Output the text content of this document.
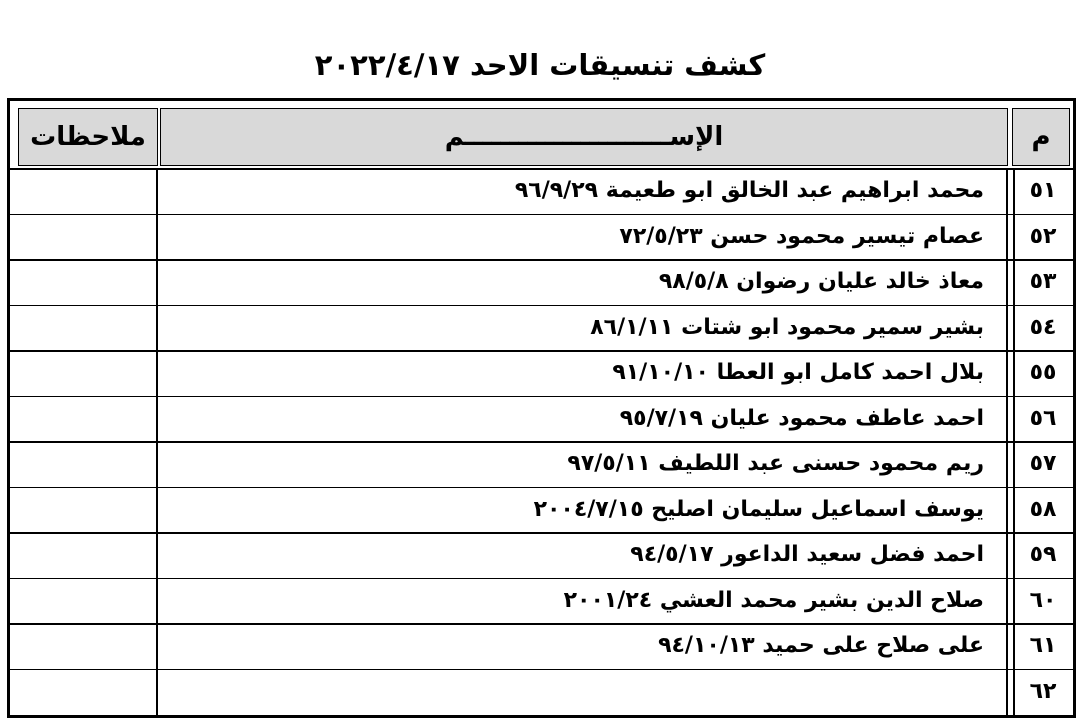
كشف تنسيقات الاحد ٢٠٢٢/٤/١٧
ملاحظات	الإســـــــــــــــــــــــم	م
محمد ابراهيم عبد الخالق ابو طعيمة ٩٦/٩/٢٩	٥١
عصام تيسير محمود حسن ٧٢/٥/٢٣	٥٢
معاذ خالد عليان رضوان ٩٨/٥/٨	٥٣
بشير سمير محمود ابو شتات ٨٦/١/١١	٥٤
بلال احمد كامل ابو العطا ٩١/١٠/١٠	٥٥
احمد عاطف محمود عليان ٩٥/٧/١٩	٥٦
ريم محمود حسنى عبد اللطيف ٩٧/٥/١١	٥٧
يوسف اسماعيل سليمان اصليح ٢٠٠٤/٧/١٥	٥٨
احمد فضل سعيد الداعور ٩٤/٥/١٧	٥٩
صلاح الدين بشير محمد العشي ٢٠٠١/٢٤	٦٠
على صلاح على حميد ٩٤/١٠/١٣	٦١
٦٢
